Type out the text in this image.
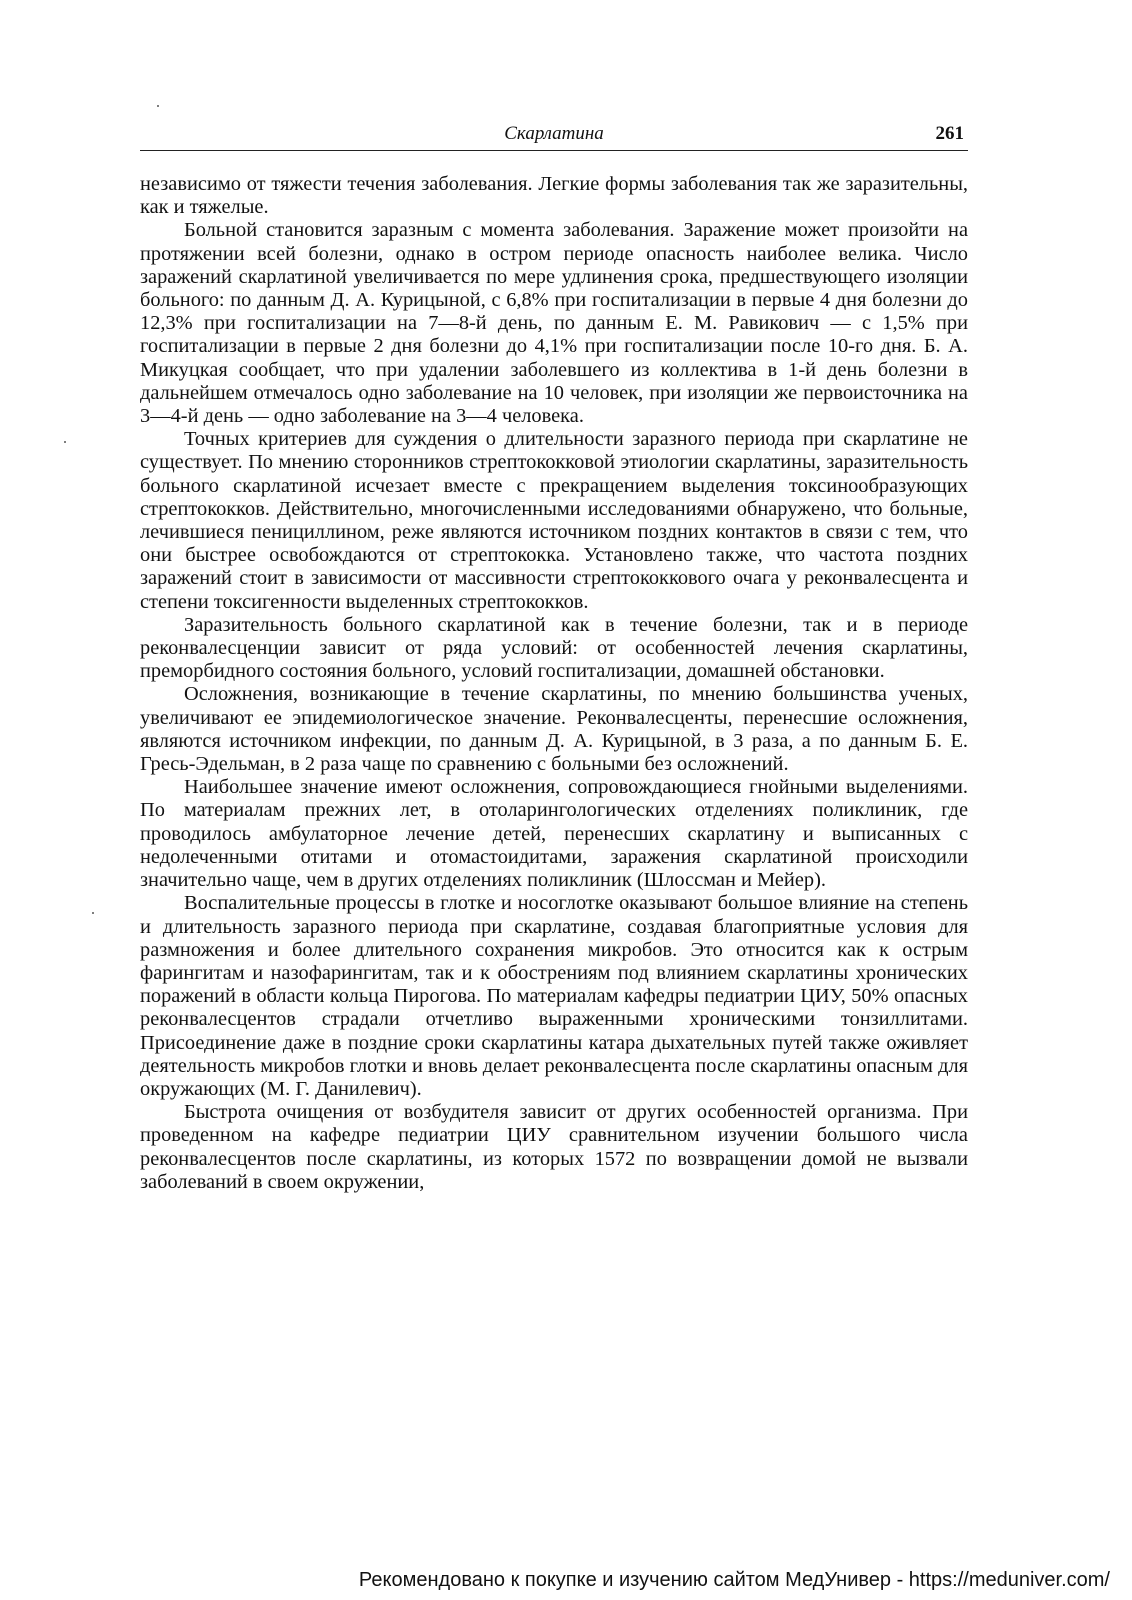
Скарлатина	261

независимо от тяжести течения заболевания. Легкие формы заболевания так же заразительны, как и тяжелые.

Больной становится заразным с момента заболевания. Заражение может произойти на протяжении всей болезни, однако в остром периоде опасность наиболее велика. Число заражений скарлатиной увеличивается по мере удлинения срока, предшествующего изоляции больного: по данным Д. А. Курицыной, с 6,8% при госпитализации в первые 4 дня болезни до 12,3% при госпитализации на 7—8-й день, по данным Е. М. Равикович — с 1,5% при госпитализации в первые 2 дня болезни до 4,1% при госпитализации после 10-го дня. Б. А. Микуцкая сообщает, что при удалении заболевшего из коллектива в 1-й день болезни в дальнейшем отмечалось одно заболевание на 10 человек, при изоляции же первоисточника на 3—4-й день — одно заболевание на 3—4 человека.

Точных критериев для суждения о длительности заразного периода при скарлатине не существует. По мнению сторонников стрептококковой этиологии скарлатины, заразительность больного скарлатиной исчезает вместе с прекращением выделения токсинообразующих стрептококков. Действительно, многочисленными исследованиями обнаружено, что больные, лечившиеся пенициллином, реже являются источником поздних контактов в связи с тем, что они быстрее освобождаются от стрептококка. Установлено также, что частота поздних заражений стоит в зависимости от массивности стрептококкового очага у реконвалесцента и степени токсигенности выделенных стрептококков.

Заразительность больного скарлатиной как в течение болезни, так и в периоде реконвалесценции зависит от ряда условий: от особенностей лечения скарлатины, преморбидного состояния больного, условий госпитализации, домашней обстановки.

Осложнения, возникающие в течение скарлатины, по мнению большинства ученых, увеличивают ее эпидемиологическое значение. Реконвалесценты, перенесшие осложнения, являются источником инфекции, по данным Д. А. Курицыной, в 3 раза, а по данным Б. Е. Гресь-Эдельман, в 2 раза чаще по сравнению с больными без осложнений.

Наибольшее значение имеют осложнения, сопровождающиеся гнойными выделениями. По материалам прежних лет, в отоларингологических отделениях поликлиник, где проводилось амбулаторное лечение детей, перенесших скарлатину и выписанных с недолеченными отитами и отомастоидитами, заражения скарлатиной происходили значительно чаще, чем в других отделениях поликлиник (Шлоссман и Мейер).

Воспалительные процессы в глотке и носоглотке оказывают большое влияние на степень и длительность заразного периода при скарлатине, создавая благоприятные условия для размножения и более длительного сохранения микробов. Это относится как к острым фарингитам и назофарингитам, так и к обострениям под влиянием скарлатины хронических поражений в области кольца Пирогова. По материалам кафедры педиатрии ЦИУ, 50% опасных реконвалесцентов страдали отчетливо выраженными хроническими тонзиллитами. Присоединение даже в поздние сроки скарлатины катара дыхательных путей также оживляет деятельность микробов глотки и вновь делает реконвалесцента после скарлатины опасным для окружающих (М. Г. Данилевич).

Быстрота очищения от возбудителя зависит от других особенностей организма. При проведенном на кафедре педиатрии ЦИУ сравнительном изучении большого числа реконвалесцентов после скарлатины, из которых 1572 по возвращении домой не вызвали заболеваний в своем окружении,

Рекомендовано к покупке и изучению сайтом МедУнивер - https://meduniver.com/
